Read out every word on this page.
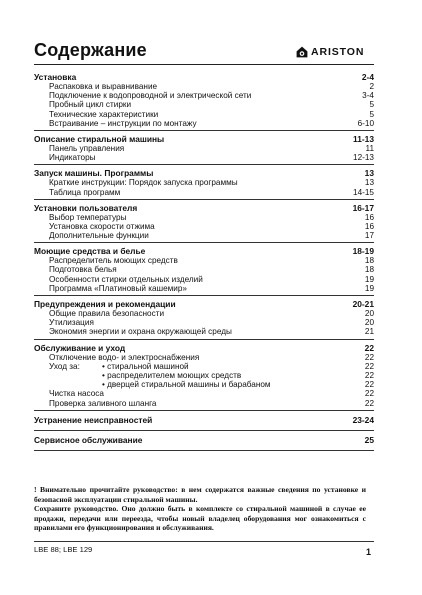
Содержание	ARISTON
Установка	2-4
Распаковка и выравнивание	2
Подключение к водопроводной и электрической сети	3-4
Пробный цикл стирки	5
Технические характеристики	5
Встраивание – инструкции по монтажу	6-10
Описание стиральной машины	11-13
Панель управления	11
Индикаторы	12-13
Запуск машины. Программы	13
Краткие инструкции: Порядок запуска программы	13
Таблица программ	14-15
Установки пользователя	16-17
Выбор температуры	16
Установка скорости отжима	16
Дополнительные функции	17
Моющие средства и белье	18-19
Распределитель моющих средств	18
Подготовка белья	18
Особенности стирки отдельных изделий	19
Программа «Платиновый кашемир»	19
Предупреждения и рекомендации	20-21
Общие правила безопасности	20
Утилизация	20
Экономия энергии и охрана окружающей среды	21
Обслуживание и уход	22
Отключение водо- и электроснабжения	22
Уход за:	• стиральной машиной	22
• распределителем моющих средств	22
• дверцей стиральной машины и барабаном	22
Чистка насоса	22
Проверка заливного шланга	22
Устранение неисправностей	23-24
Сервисное обслуживание	25

! Внимательно прочитайте руководство: в нем содержатся важные сведения по установке и безопасной эксплуатации стиральной машины.

Сохраните руководство. Оно должно быть в комплекте со стиральной машиной в случае ее продажи, передачи или переезда, чтобы новый владелец оборудования мог ознакомиться с правилами его функционирования и обслуживания.

LBE 88; LBE 129	1
